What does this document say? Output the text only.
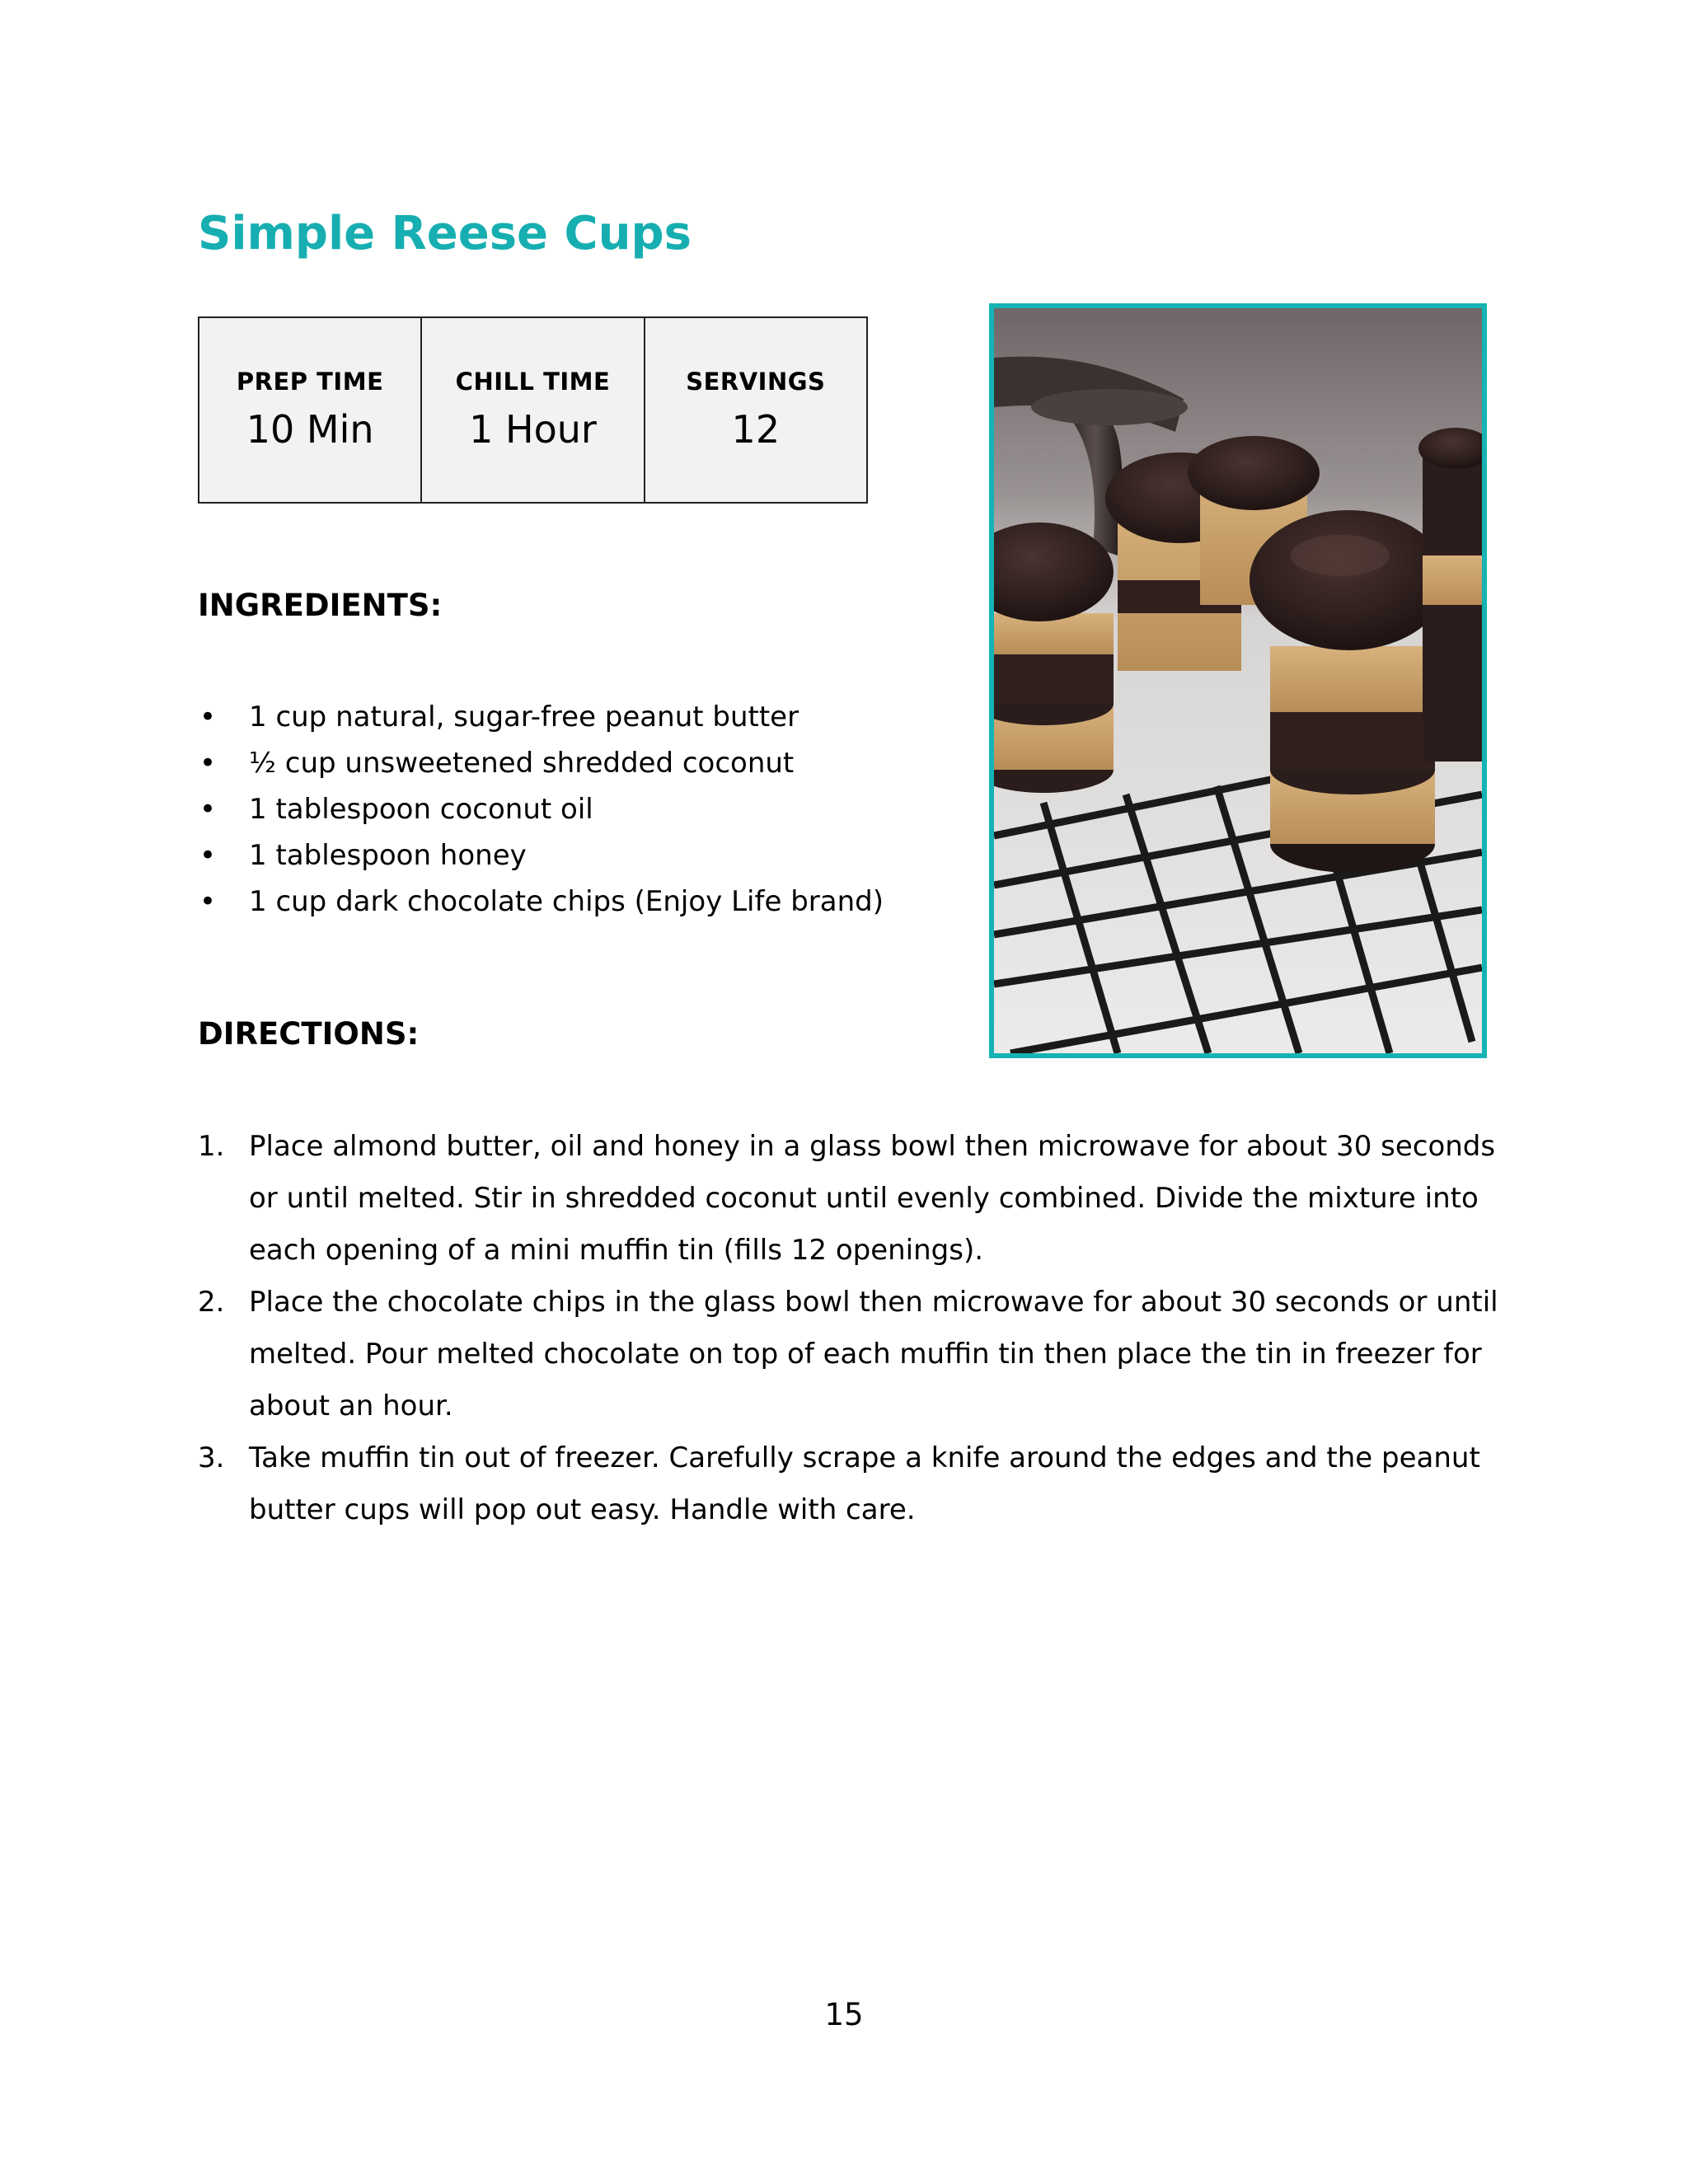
Simple Reese Cups
PREP TIME
10 Min

CHILL TIME
1 Hour

SERVINGS
12
INGREDIENTS:
• 1 cup natural, sugar-free peanut butter
• ½ cup unsweetened shredded coconut
• 1 tablespoon coconut oil
• 1 tablespoon honey
• 1 cup dark chocolate chips (Enjoy Life brand)
DIRECTIONS:
1. Place almond butter, oil and honey in a glass bowl then microwave for about 30 seconds or until melted. Stir in shredded coconut until evenly combined. Divide the mixture into each opening of a mini muffin tin (fills 12 openings).
2. Place the chocolate chips in the glass bowl then microwave for about 30 seconds or until melted. Pour melted chocolate on top of each muffin tin then place the tin in freezer for about an hour.
3. Take muffin tin out of freezer. Carefully scrape a knife around the edges and the peanut butter cups will pop out easy. Handle with care.
15
